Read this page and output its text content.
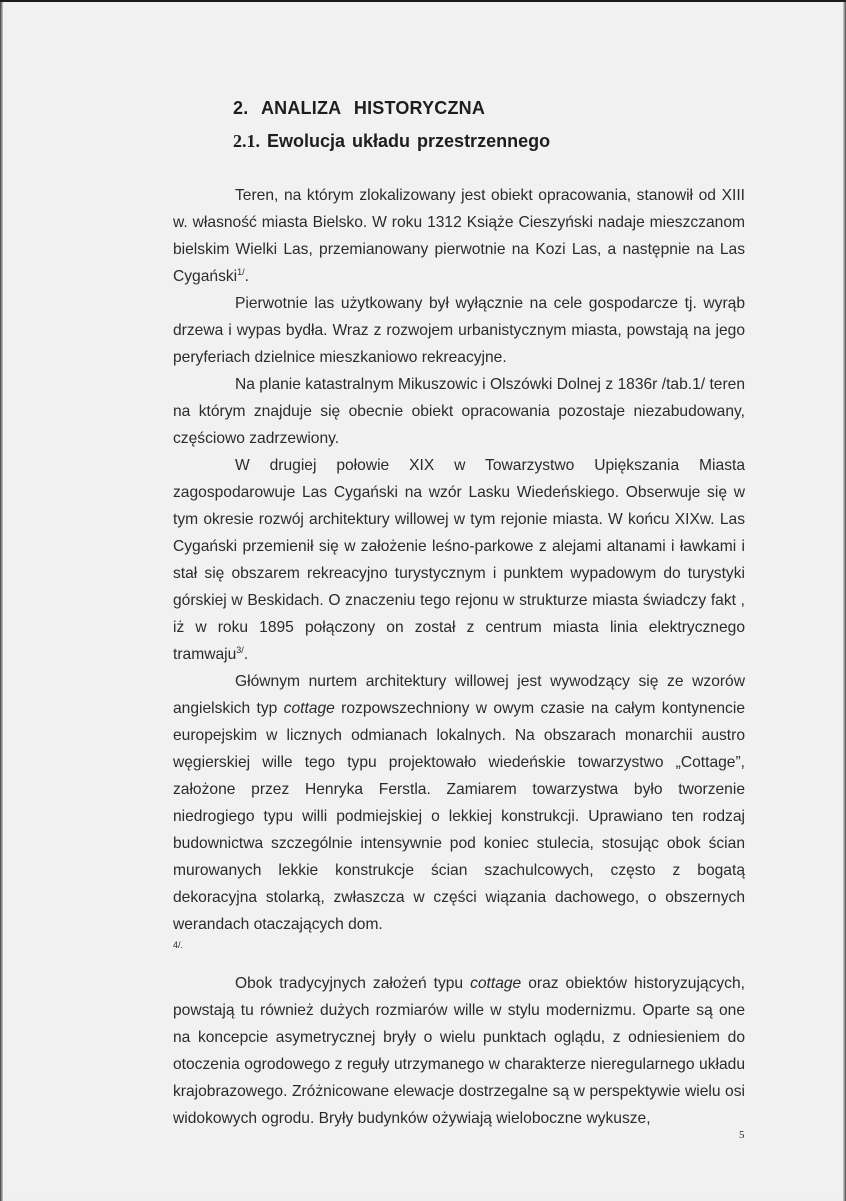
2. ANALIZA HISTORYCZNA
2.1. Ewolucja układu przestrzennego

Teren, na którym zlokalizowany jest obiekt opracowania, stanowił od XIII w. własność miasta Bielsko. W roku 1312 Książe Cieszyński nadaje mieszczanom bielskim Wielki Las, przemianowany pierwotnie na Kozi Las, a następnie na Las Cygański$^{1/}$.

Pierwotnie las użytkowany był wyłącznie na cele gospodarcze tj. wyrąb drzewa i wypas bydła. Wraz z rozwojem urbanistycznym miasta, powstają na jego peryferiach dzielnice mieszkaniowo rekreacyjne.

Na planie katastralnym Mikuszowic i Olszówki Dolnej z 1836r /tab.1/ teren na którym znajduje się obecnie obiekt opracowania pozostaje niezabudowany, częściowo zadrzewiony.

W drugiej połowie XIX w Towarzystwo Upiększania Miasta zagospodarowuje Las Cygański na wzór Lasku Wiedeńskiego. Obserwuje się w tym okresie rozwój architektury willowej w tym rejonie miasta. W końcu XIXw. Las Cygański przemienił się w założenie leśno-parkowe z alejami altanami i ławkami i stał się obszarem rekreacyjno turystycznym i punktem wypadowym do turystyki górskiej w Beskidach. O znaczeniu tego rejonu w strukturze miasta świadczy fakt , iż w roku 1895 połączony on został z centrum miasta linia elektrycznego tramwaju$^{3/}$.

Głównym nurtem architektury willowej jest wywodzący się ze wzorów angielskich typ cottage rozpowszechniony w owym czasie na całym kontynencie europejskim w licznych odmianach lokalnych. Na obszarach monarchii austro węgierskiej wille tego typu projektowało wiedeńskie towarzystwo „Cottage”, założone przez Henryka Ferstla. Zamiarem towarzystwa było tworzenie niedrogiego typu willi podmiejskiej o lekkiej konstrukcji. Uprawiano ten rodzaj budownictwa szczególnie intensywnie pod koniec stulecia, stosując obok ścian murowanych lekkie konstrukcje ścian szachulcowych, często z bogatą dekoracyjna stolarką, zwłaszcza w części wiązania dachowego, o obszernych werandach otaczających dom.
4/.

Obok tradycyjnych założeń typu cottage oraz obiektów historyzujących, powstają tu również dużych rozmiarów wille w stylu modernizmu. Oparte są one na koncepcie asymetrycznej bryły o wielu punktach oglądu, z odniesieniem do otoczenia ogrodowego z reguły utrzymanego w charakterze nieregularnego układu krajobrazowego. Zróżnicowane elewacje dostrzegalne są w perspektywie wielu osi widokowych ogrodu. Bryły budynków ożywiają wieloboczne wykusze,

5
